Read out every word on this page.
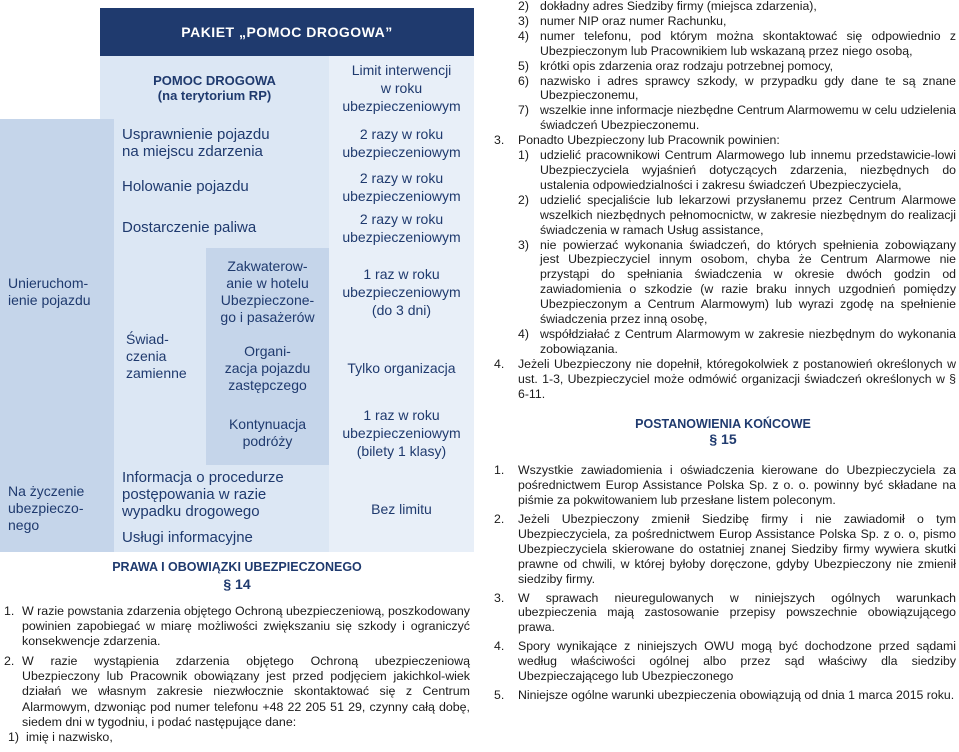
PAKIET „POMOC DROGOWA”
POMOC DROGOWA
(na terytorium RP)
Limit interwencji
w roku
ubezpieczeniowym
Unieruchom-
ienie pojazdu
Na życzenie
ubezpieczo-
nego
Usprawnienie pojazdu
na miejscu zdarzenia
Holowanie pojazdu
Dostarczenie paliwa
Świad-
czenia
zamienne
Zakwaterow-
anie w hotelu
Ubezpieczone-
go i pasażerów
Organi-
zacja pojazdu
zastępczego
Kontynuacja
podróży
Informacja o procedurze
postępowania w razie
wypadku drogowego
Usługi informacyjne
2 razy w roku
ubezpieczeniowym
2 razy w roku
ubezpieczeniowym
2 razy w roku
ubezpieczeniowym
1 raz w roku
ubezpieczeniowym
(do 3 dni)
Tylko organizacja
1 raz w roku
ubezpieczeniowym
(bilety 1 klasy)
Bez limitu
PRAWA I OBOWIĄZKI UBEZPIECZONEGO
§ 14
1. W razie powstania zdarzenia objętego Ochroną ubezpieczeniową, poszkodowany powinien zapobiegać w miarę możliwości zwiększaniu się szkody i ograniczyć konsekwencje zdarzenia.
2. W razie wystąpienia zdarzenia objętego Ochroną ubezpieczeniową Ubezpieczony lub Pracownik obowiązany jest przed podjęciem jakichkol-wiek działań we własnym zakresie niezwłocznie skontaktować się z Centrum Alarmowym, dzwoniąc pod numer telefonu +48 22 205 51 29, czynny całą dobę, siedem dni w tygodniu, i podać następujące dane:
1) imię i nazwisko,
2) dokładny adres Siedziby firmy (miejsca zdarzenia),
3) numer NIP oraz numer Rachunku,
4) numer telefonu, pod którym można skontaktować się odpowiednio z Ubezpieczonym lub Pracownikiem lub wskazaną przez niego osobą,
5) krótki opis zdarzenia oraz rodzaju potrzebnej pomocy,
6) nazwisko i adres sprawcy szkody, w przypadku gdy dane te są znane Ubezpieczonemu,
7) wszelkie inne informacje niezbędne Centrum Alarmowemu w celu udzielenia świadczeń Ubezpieczonemu.
3. Ponadto Ubezpieczony lub Pracownik powinien:
1) udzielić pracownikowi Centrum Alarmowego lub innemu przedstawicie-lowi Ubezpieczyciela wyjaśnień dotyczących zdarzenia, niezbędnych do ustalenia odpowiedzialności i zakresu świadczeń Ubezpieczyciela,
2) udzielić specjaliście lub lekarzowi przysłanemu przez Centrum Alarmowe wszelkich niezbędnych pełnomocnictw, w zakresie niezbędnym do realizacji świadczenia w ramach Usług assistance,
3) nie powierzać wykonania świadczeń, do których spełnienia zobowiązany jest Ubezpieczyciel innym osobom, chyba że Centrum Alarmowe nie przystąpi do spełniania świadczenia w okresie dwóch godzin od zawiadomienia o szkodzie (w razie braku innych uzgodnień pomiędzy Ubezpieczonym a Centrum Alarmowym) lub wyrazi zgodę na spełnienie świadczenia przez inną osobę,
4) współdziałać z Centrum Alarmowym w zakresie niezbędnym do wykonania zobowiązania.
4. Jeżeli Ubezpieczony nie dopełnił, któregokolwiek z postanowień określonych w ust. 1-3, Ubezpieczyciel może odmówić organizacji świadczeń określonych w § 6-11.
POSTANOWIENIA KOŃCOWE
§ 15
1. Wszystkie zawiadomienia i oświadczenia kierowane do Ubezpieczyciela za pośrednictwem Europ Assistance Polska Sp. z o. o. powinny być składane na piśmie za pokwitowaniem lub przesłane listem poleconym.
2. Jeżeli Ubezpieczony zmienił Siedzibę firmy i nie zawiadomił o tym Ubezpieczyciela, za pośrednictwem Europ Assistance Polska Sp. z o. o, pismo Ubezpieczyciela skierowane do ostatniej znanej Siedziby firmy wywiera skutki prawne od chwili, w której byłoby doręczone, gdyby Ubezpieczony nie zmienił siedziby firmy.
3. W sprawach nieuregulowanych w niniejszych ogólnych warunkach ubezpieczenia mają zastosowanie przepisy powszechnie obowiązującego prawa.
4. Spory wynikające z niniejszych OWU mogą być dochodzone przed sądami według właściwości ogólnej albo przez sąd właściwy dla siedziby Ubezpieczającego lub Ubezpieczonego
5. Niniejsze ogólne warunki ubezpieczenia obowiązują od dnia 1 marca 2015 roku.
